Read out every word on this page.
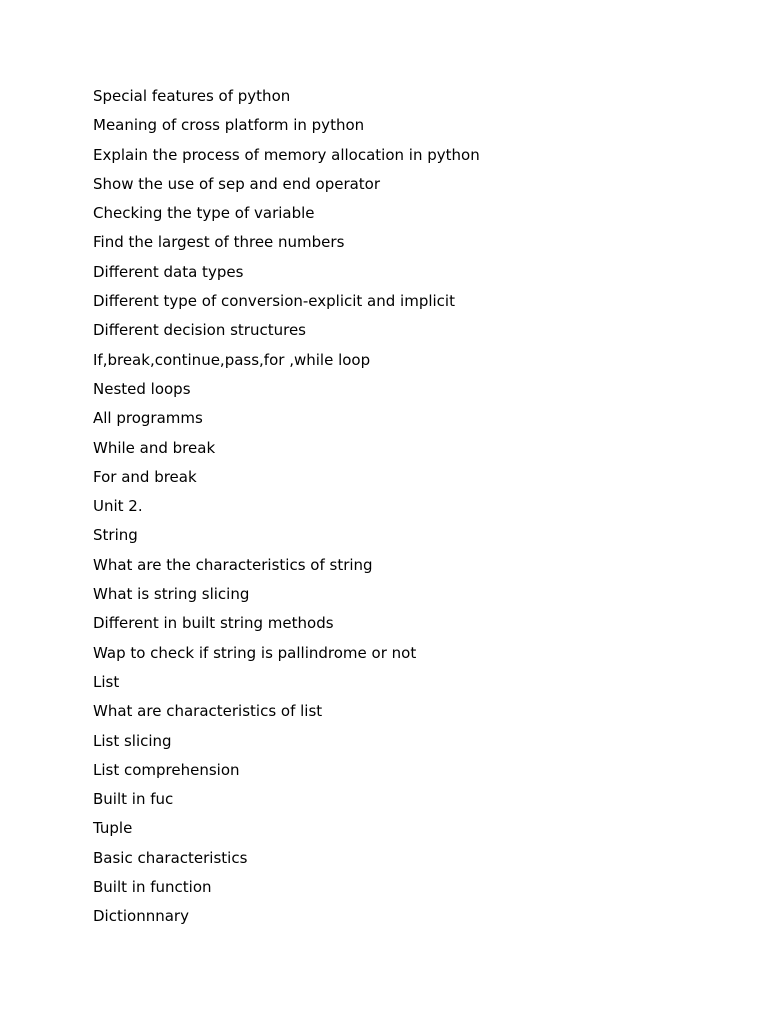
Special features of python
Meaning of cross platform in python
Explain the process of memory allocation in python
Show the use of sep and end operator
Checking the type of variable
Find the largest of three numbers
Different data types
Different type of conversion-explicit and implicit
Different decision structures
If,break,continue,pass,for ,while loop
Nested loops
All programms
While and break
For and break
Unit 2.
String
What are the characteristics of string
What is string slicing
Different in built string methods
Wap to check if string is pallindrome or not
List
What are characteristics of list
List slicing
List comprehension
Built in fuc
Tuple
Basic characteristics
Built in function
Dictionnnary
